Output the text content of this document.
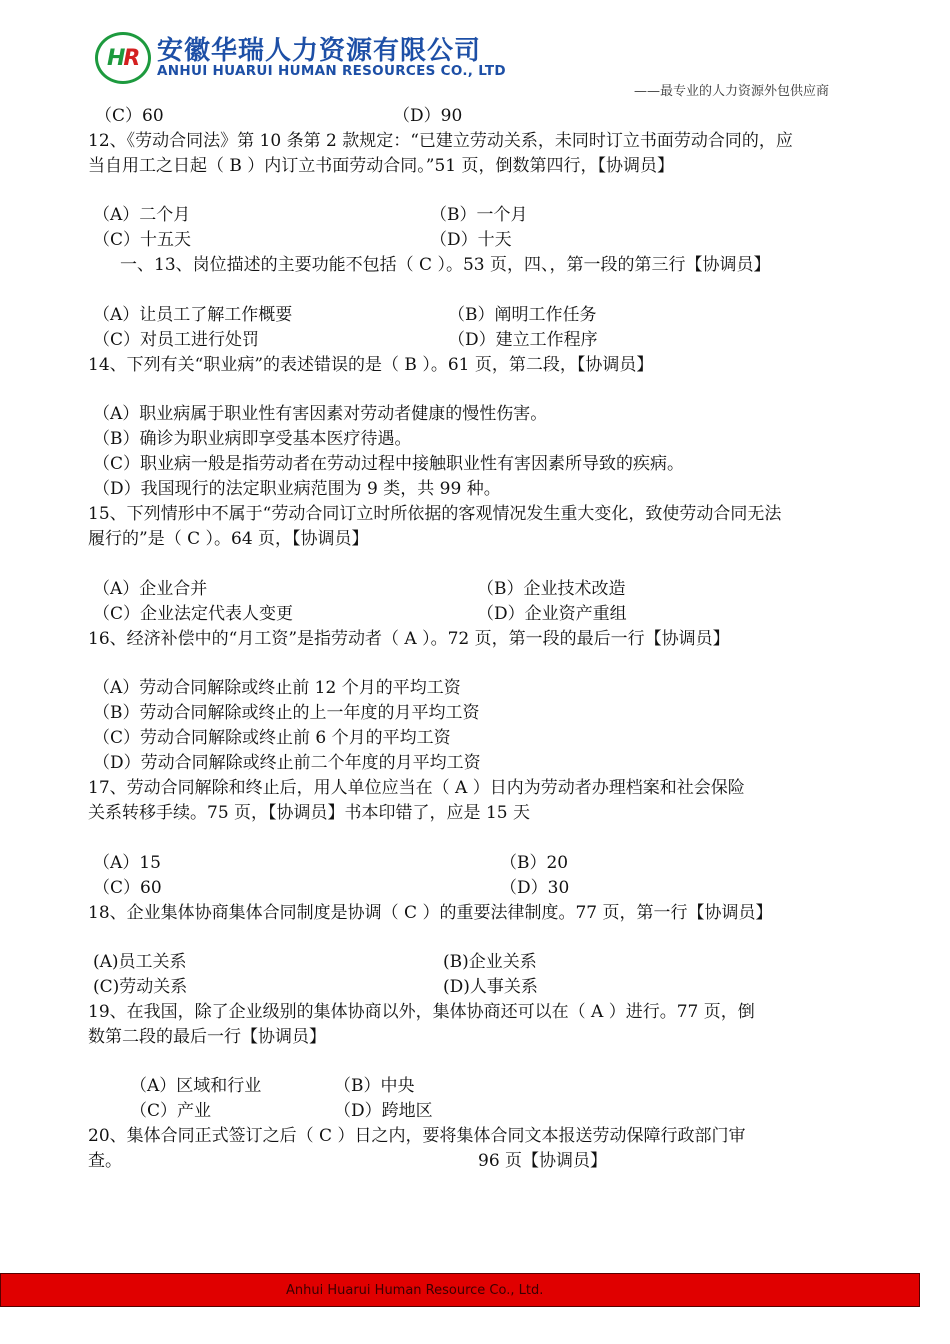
HR 安徽华瑞人力资源有限公司
ANHUI HUARUI HUMAN RESOURCES CO., LTD
——最专业的人力资源外包供应商
（C）60	（D）90
12、《劳动合同法》第 10 条第 2 款规定：“已建立劳动关系，未同时订立书面劳动合同的，应
当自用工之日起（ B ）内订立书面劳动合同。”51 页，倒数第四行，【协调员】
（A）二个月	（B）一个月
（C）十五天	（D）十天
一、13、岗位描述的主要功能不包括（ C ）。53 页，四、，第一段的第三行【协调员】
（A）让员工了解工作概要	（B）阐明工作任务
（C）对员工进行处罚	（D）建立工作程序
14、下列有关“职业病”的表述错误的是（ B ）。61 页，第二段，【协调员】
（A）职业病属于职业性有害因素对劳动者健康的慢性伤害。
（B）确诊为职业病即享受基本医疗待遇。
（C）职业病一般是指劳动者在劳动过程中接触职业性有害因素所导致的疾病。
（D）我国现行的法定职业病范围为 9 类，共 99 种。
15、下列情形中不属于“劳动合同订立时所依据的客观情况发生重大变化，致使劳动合同无法
履行的”是（ C ）。64 页，【协调员】
（A）企业合并	（B）企业技术改造
（C）企业法定代表人变更	（D）企业资产重组
16、经济补偿中的“月工资”是指劳动者（ A ）。72 页，第一段的最后一行【协调员】
（A）劳动合同解除或终止前 12 个月的平均工资
（B）劳动合同解除或终止的上一年度的月平均工资
（C）劳动合同解除或终止前 6 个月的平均工资
（D）劳动合同解除或终止前二个年度的月平均工资
17、劳动合同解除和终止后，用人单位应当在（ A ）日内为劳动者办理档案和社会保险
关系转移手续。75 页，【协调员】书本印错了，应是 15 天
（A）15	（B）20
（C）60	（D）30
18、企业集体协商集体合同制度是协调（ C ）的重要法律制度。77 页，第一行【协调员】
(A)员工关系	(B)企业关系
(C)劳动关系	(D)人事关系
19、在我国，除了企业级别的集体协商以外，集体协商还可以在（ A ）进行。77 页，倒
数第二段的最后一行【协调员】
（A）区域和行业	（B）中央
（C）产业	（D）跨地区
20、集体合同正式签订之后（ C ）日之内，要将集体合同文本报送劳动保障行政部门审
查。	96 页【协调员】
Anhui Huarui Human Resource Co., Ltd.
